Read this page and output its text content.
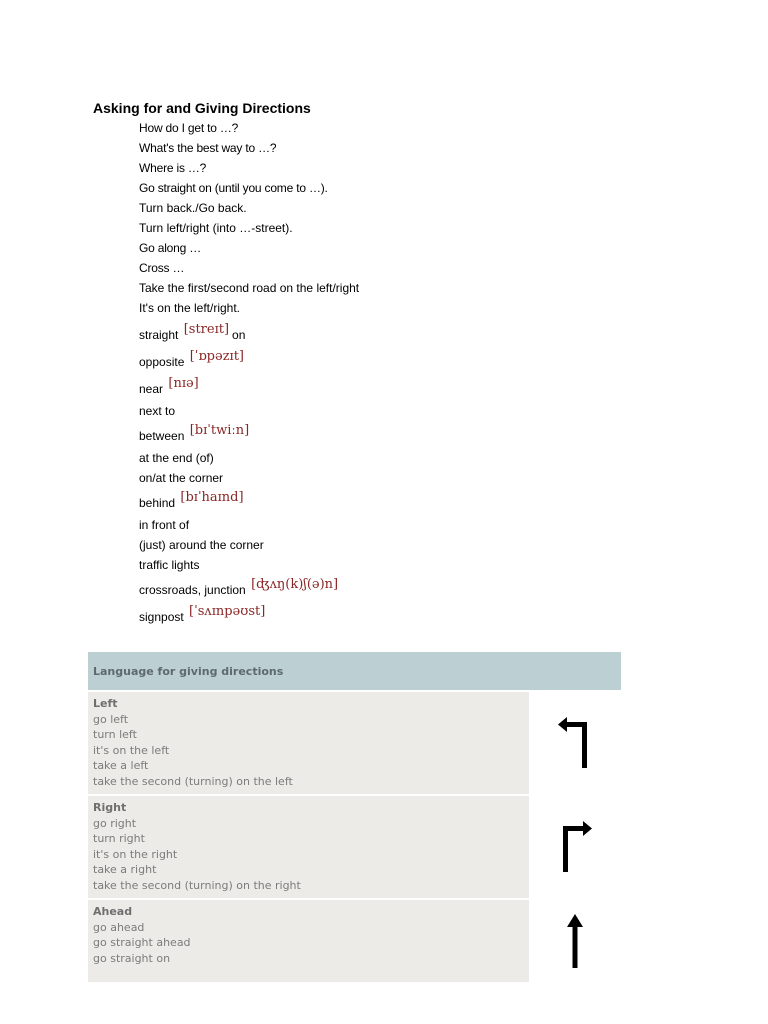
Asking for and Giving Directions
How do I get to …?
What's the best way to …?
Where is …?
Go straight on (until you come to …).
Turn back./Go back.
Turn left/right (into …-street).
Go along …
Cross …
Take the first/second road on the left/right
It's on the left/right.
straight [streɪt] on
opposite [ˈɒpəzɪt]
near [nɪə]
next to
between [bɪˈtwiːn]
at the end (of)
on/at the corner
behind [bɪˈhaɪnd]
in front of
(just) around the corner
traffic lights
crossroads, junction [ʤʌŋ(k)ʃ(ə)n]
signpost [ˈsʌɪnpəʊst]
Language for giving directions
Left
go left
turn left
it's on the left
take a left
take the second (turning) on the left
Right
go right
turn right
it's on the right
take a right
take the second (turning) on the right
Ahead
go ahead
go straight ahead
go straight on
